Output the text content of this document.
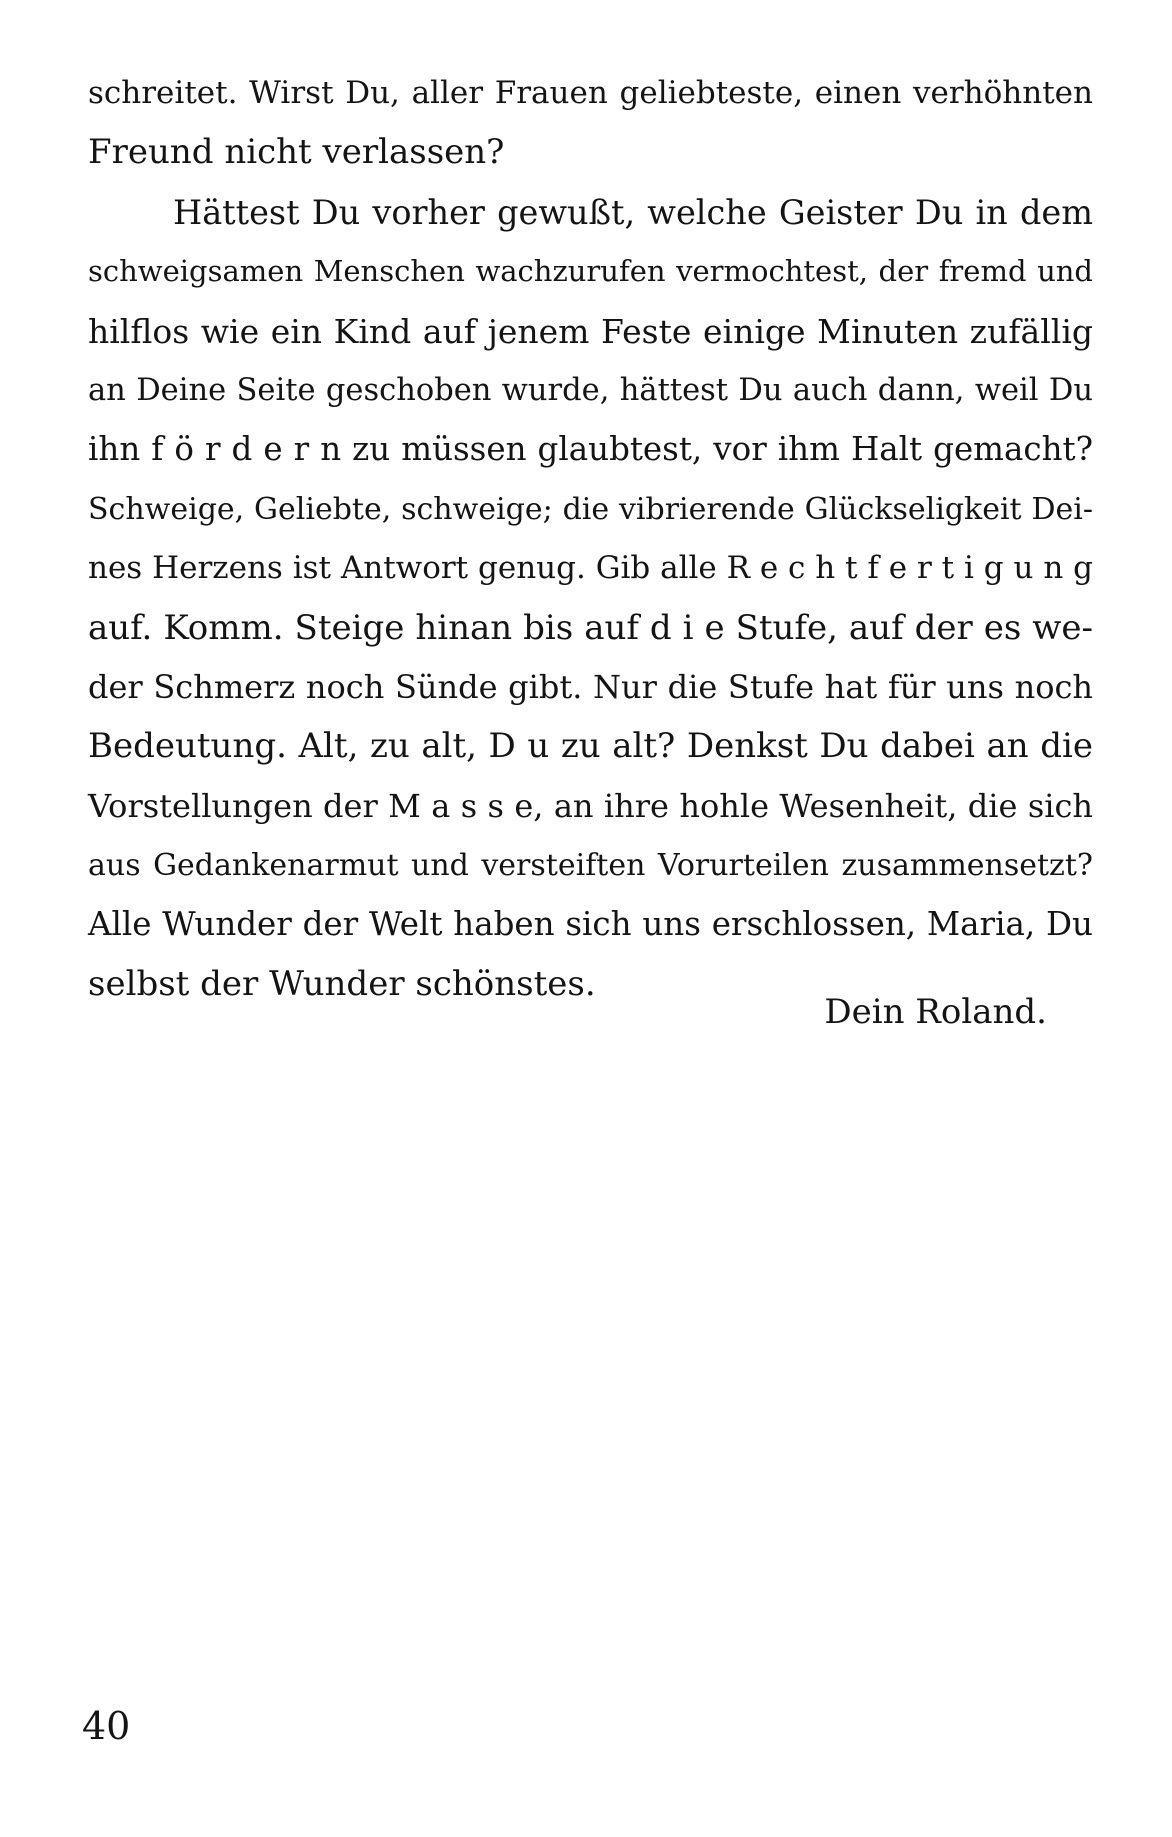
schreitet. Wirst Du, aller Frauen geliebteste, einen verhöhnten
Freund nicht verlassen?
Hättest Du vorher gewußt, welche Geister Du in dem
schweigsamen Menschen wachzurufen vermochtest, der fremd und
hilflos wie ein Kind auf jenem Feste einige Minuten zufällig
an Deine Seite geschoben wurde, hättest Du auch dann, weil Du
ihn f ö r d e r n zu müssen glaubtest, vor ihm Halt gemacht?
Schweige, Geliebte, schweige; die vibrierende Glückseligkeit Dei-
nes Herzens ist Antwort genug. Gib alle R e c h t f e r t i g u n g
auf. Komm. Steige hinan bis auf d i e Stufe, auf der es we-
der Schmerz noch Sünde gibt. Nur die Stufe hat für uns noch
Bedeutung. Alt, zu alt, D u zu alt? Denkst Du dabei an die
Vorstellungen der M a s s e, an ihre hohle Wesenheit, die sich
aus Gedankenarmut und versteiften Vorurteilen zusammensetzt?
Alle Wunder der Welt haben sich uns erschlossen, Maria, Du
selbst der Wunder schönstes.
Dein Roland.
40
